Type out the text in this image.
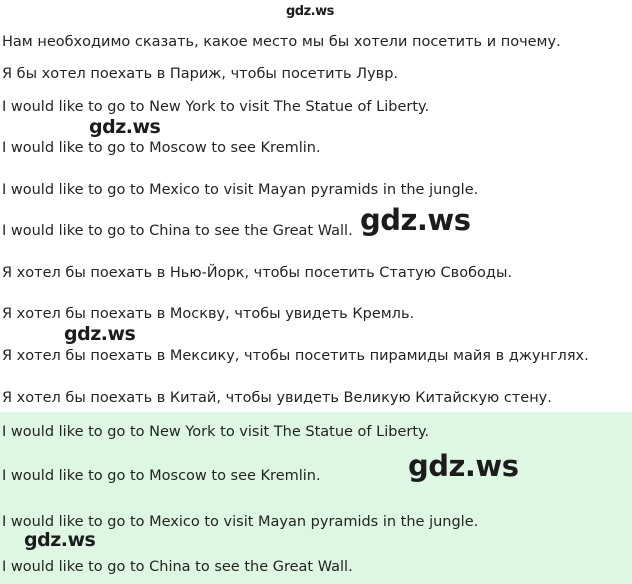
Нам необходимо сказать, какое место мы бы хотели посетить и почему.
Я бы хотел поехать в Париж, чтобы посетить Лувр.
I would like to go to New York to visit The Statue of Liberty.
I would like to go to Moscow to see Kremlin.
I would like to go to Mexico to visit Mayan pyramids in the jungle.
I would like to go to China to see the Great Wall.
Я хотел бы поехать в Нью-Йорк, чтобы посетить Статую Свободы.
Я хотел бы поехать в Москву, чтобы увидеть Кремль.
Я хотел бы поехать в Мексику, чтобы посетить пирамиды майя в джунглях.
Я хотел бы поехать в Китай, чтобы увидеть Великую Китайскую стену.
I would like to go to New York to visit The Statue of Liberty.
I would like to go to Moscow to see Kremlin.
I would like to go to Mexico to visit Mayan pyramids in the jungle.
I would like to go to China to see the Great Wall.
gdz.ws
gdz.ws
gdz.ws
gdz.ws
gdz.ws
gdz.ws
